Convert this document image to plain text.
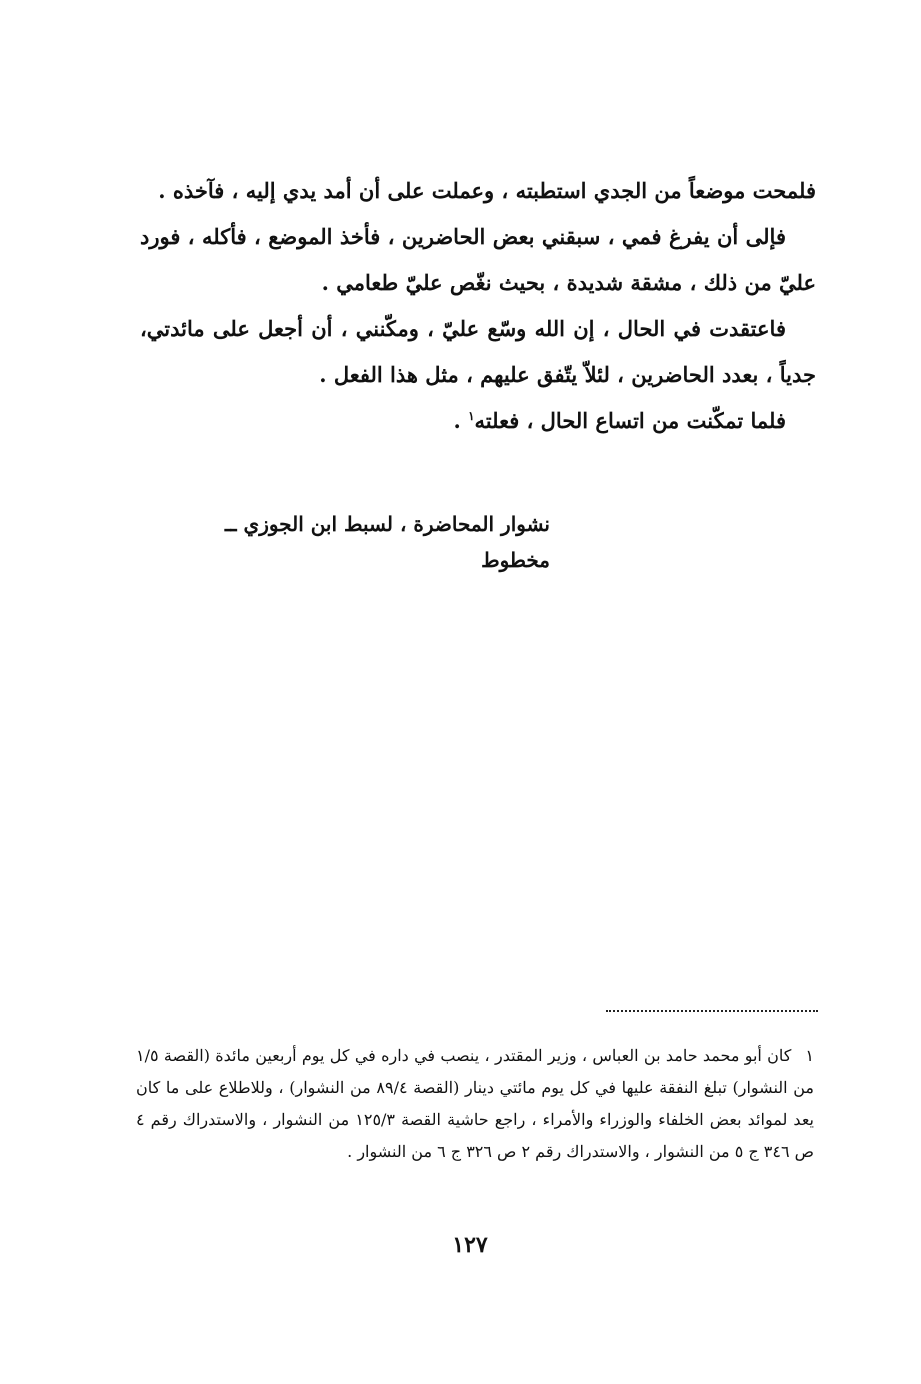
فلمحت موضعاً من الجدي استطبته ، وعملت على أن أمد يدي إليه ، فآخذه .

فإلى أن يفرغ فمي ، سبقني بعض الحاضرين ، فأخذ الموضع ، فأكله ، فورد عليّ من ذلك ، مشقة شديدة ، بحيث نغّص عليّ طعامي .

فاعتقدت في الحال ، إن الله وسّع عليّ ، ومكّنني ، أن أجعل على مائدتي، جدياً ، بعدد الحاضرين ، لئلاّ يتّفق عليهم ، مثل هذا الفعل .

فلما تمكّنت من اتساع الحال ، فعلته$^١$ .

نشوار المحاضرة ، لسبط ابن الجوزي ــ مخطوط

١كان أبو محمد حامد بن العباس ، وزير المقتدر ، ينصب في داره في كل يوم أربعين مائدة (القصة ١/٥ من النشوار) تبلغ النفقة عليها في كل يوم مائتي دينار (القصة ٨٩/٤ من النشوار) ، وللاطلاع على ما كان يعد لموائد بعض الخلفاء والوزراء والأمراء ، راجع حاشية القصة ١٢٥/٣ من النشوار ، والاستدراك رقم ٤ ص ٣٤٦ ج ٥ من النشوار ، والاستدراك رقم ٢ ص ٣٢٦ ج ٦ من النشوار .

١٢٧
